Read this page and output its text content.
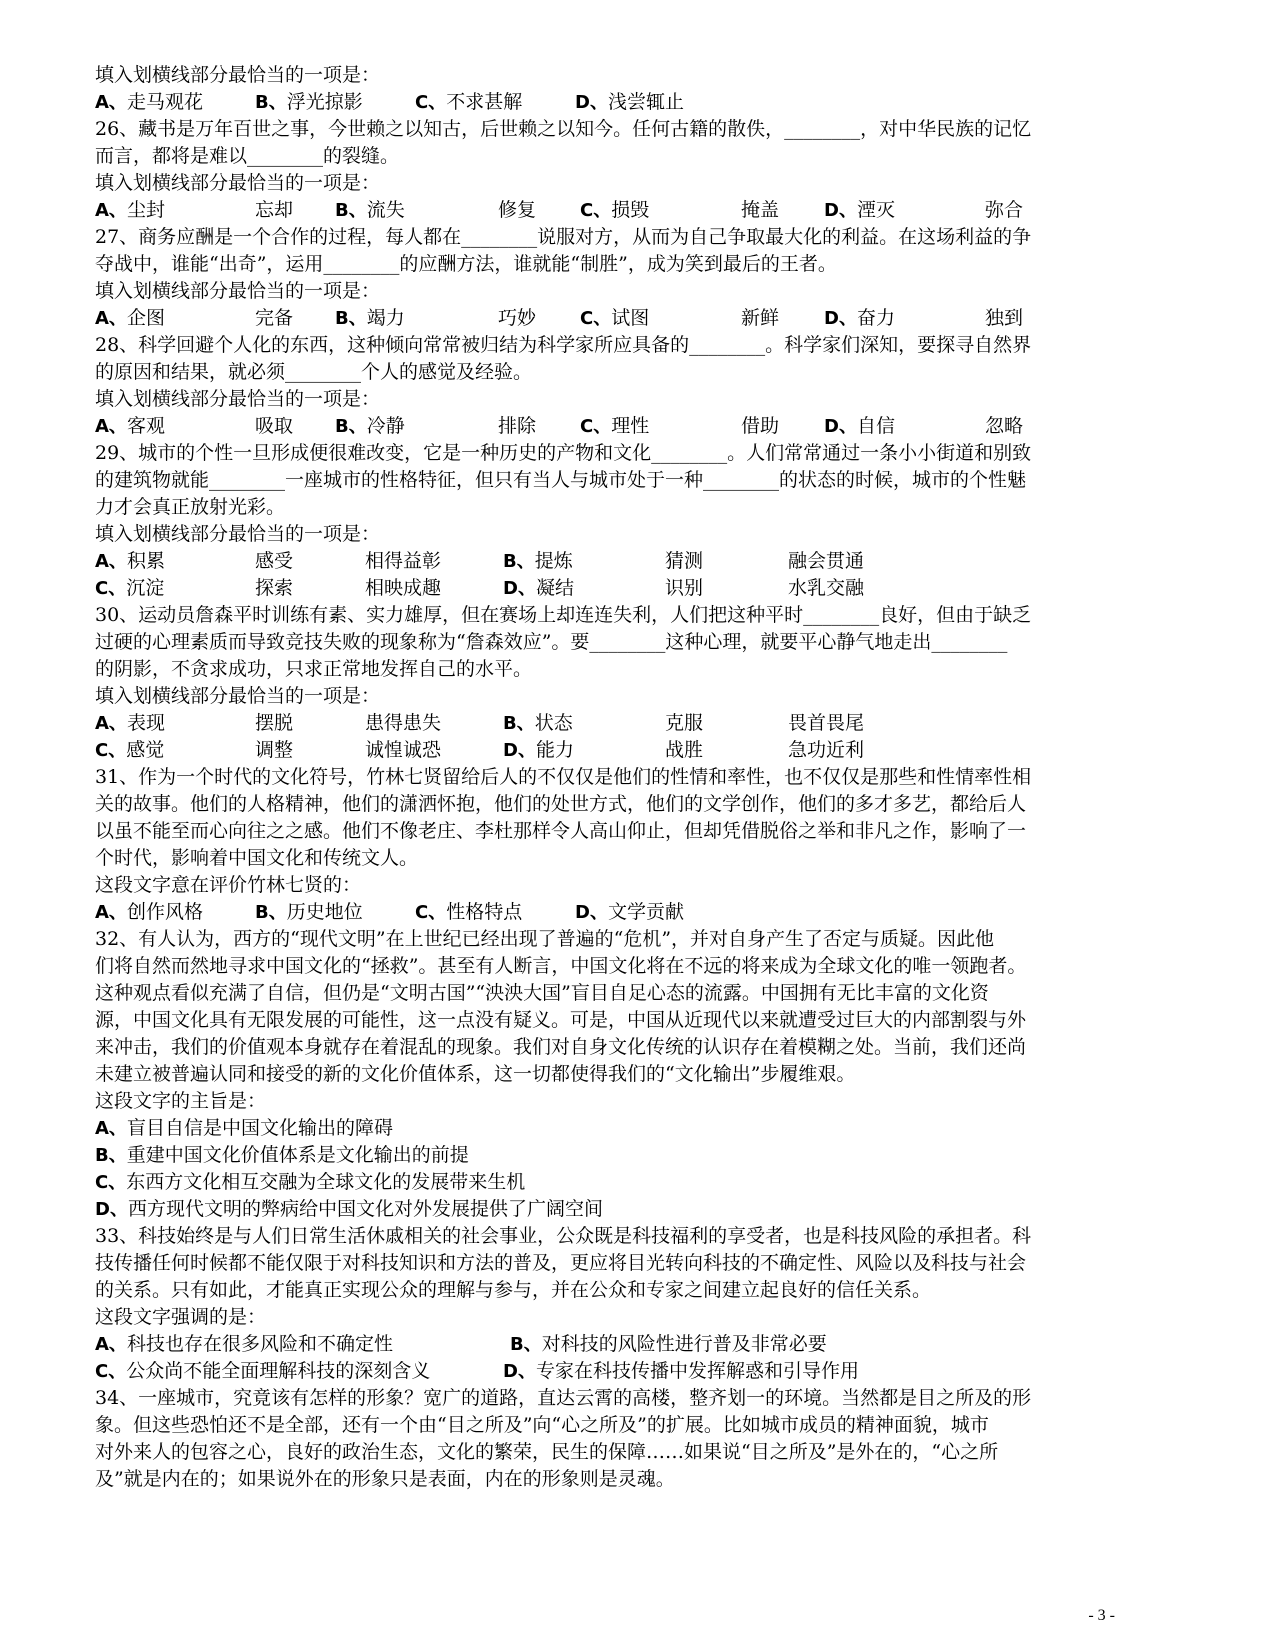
填入划横线部分最恰当的一项是：
A、走马观花	B、浮光掠影	C、不求甚解	D、浅尝辄止
26、藏书是万年百世之事，今世赖之以知古，后世赖之以知今。任何古籍的散佚，________，对中华民族的记忆
而言，都将是难以________的裂缝。
填入划横线部分最恰当的一项是：
A、尘封	忘却 B、流失	修复 C、损毁	掩盖 D、湮灭	弥合
27、商务应酬是一个合作的过程，每人都在________说服对方，从而为自己争取最大化的利益。在这场利益的争
夺战中，谁能“出奇”，运用________的应酬方法，谁就能“制胜”，成为笑到最后的王者。
填入划横线部分最恰当的一项是：
A、企图	完备 B、竭力	巧妙 C、试图	新鲜 D、奋力	独到
28、科学回避个人化的东西，这种倾向常常被归结为科学家所应具备的________。科学家们深知，要探寻自然界
的原因和结果，就必须________个人的感觉及经验。
填入划横线部分最恰当的一项是：
A、客观	吸取 B、冷静	排除 C、理性	借助 D、自信	忽略
29、城市的个性一旦形成便很难改变，它是一种历史的产物和文化________。人们常常通过一条小小街道和别致
的建筑物就能________一座城市的性格特征，但只有当人与城市处于一种________的状态的时候，城市的个性魅
力才会真正放射光彩。
填入划横线部分最恰当的一项是：
A、积累	感受	相得益彰	B、提炼	猜测	融会贯通
C、沉淀	探索	相映成趣	D、凝结	识别	水乳交融
30、运动员詹森平时训练有素、实力雄厚，但在赛场上却连连失利，人们把这种平时________良好，但由于缺乏
过硬的心理素质而导致竞技失败的现象称为“詹森效应”。要________这种心理，就要平心静气地走出________
的阴影，不贪求成功，只求正常地发挥自己的水平。
填入划横线部分最恰当的一项是：
A、表现	摆脱	患得患失	B、状态	克服	畏首畏尾
C、感觉	调整	诚惶诚恐	D、能力	战胜	急功近利
31、作为一个时代的文化符号，竹林七贤留给后人的不仅仅是他们的性情和率性，也不仅仅是那些和性情率性相
关的故事。他们的人格精神，他们的潇洒怀抱，他们的处世方式，他们的文学创作，他们的多才多艺，都给后人
以虽不能至而心向往之之感。他们不像老庄、李杜那样令人高山仰止，但却凭借脱俗之举和非凡之作，影响了一
个时代，影响着中国文化和传统文人。
这段文字意在评价竹林七贤的：
A、创作风格	B、历史地位	C、性格特点	D、文学贡献
32、有人认为，西方的“现代文明”在上世纪已经出现了普遍的“危机”，并对自身产生了否定与质疑。因此他
们将自然而然地寻求中国文化的“拯救”。甚至有人断言，中国文化将在不远的将来成为全球文化的唯一领跑者。
这种观点看似充满了自信，但仍是“文明古国”“泱泱大国”盲目自足心态的流露。中国拥有无比丰富的文化资
源，中国文化具有无限发展的可能性，这一点没有疑义。可是，中国从近现代以来就遭受过巨大的内部割裂与外
来冲击，我们的价值观本身就存在着混乱的现象。我们对自身文化传统的认识存在着模糊之处。当前，我们还尚
未建立被普遍认同和接受的新的文化价值体系，这一切都使得我们的“文化输出”步履维艰。
这段文字的主旨是：
A、盲目自信是中国文化输出的障碍
B、重建中国文化价值体系是文化输出的前提
C、东西方文化相互交融为全球文化的发展带来生机
D、西方现代文明的弊病给中国文化对外发展提供了广阔空间
33、科技始终是与人们日常生活休戚相关的社会事业，公众既是科技福利的享受者，也是科技风险的承担者。科
技传播任何时候都不能仅限于对科技知识和方法的普及，更应将目光转向科技的不确定性、风险以及科技与社会
的关系。只有如此，才能真正实现公众的理解与参与，并在公众和专家之间建立起良好的信任关系。
这段文字强调的是：
A、科技也存在很多风险和不确定性	B、对科技的风险性进行普及非常必要
C、公众尚不能全面理解科技的深刻含义	D、专家在科技传播中发挥解惑和引导作用
34、一座城市，究竟该有怎样的形象？宽广的道路，直达云霄的高楼，整齐划一的环境。当然都是目之所及的形
象。但这些恐怕还不是全部，还有一个由“目之所及”向“心之所及”的扩展。比如城市成员的精神面貌，城市
对外来人的包容之心，良好的政治生态，文化的繁荣，民生的保障……如果说“目之所及”是外在的，“心之所
及”就是内在的；如果说外在的形象只是表面，内在的形象则是灵魂。
- 3 -
